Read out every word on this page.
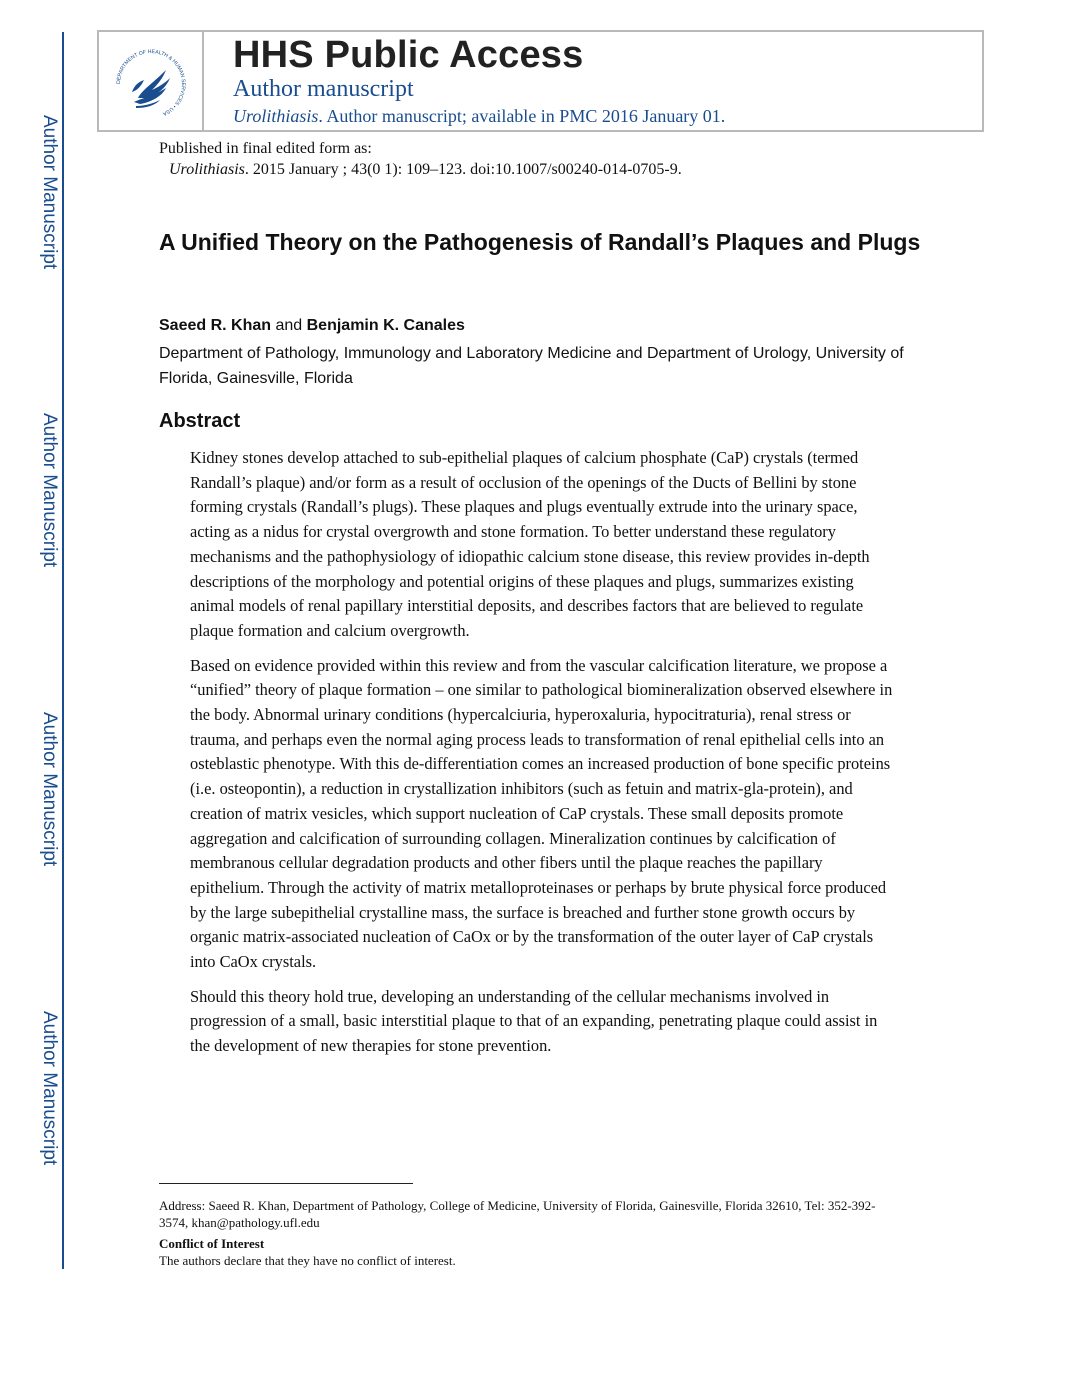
Author Manuscript
Author Manuscript
Author Manuscript
Author Manuscript
DEPARTMENT OF HEALTH & HUMAN SERVICES • USA
HHS Public Access
Author manuscript
Urolithiasis. Author manuscript; available in PMC 2016 January 01.
Published in final edited form as:
Urolithiasis. 2015 January ; 43(0 1): 109–123. doi:10.1007/s00240-014-0705-9.
A Unified Theory on the Pathogenesis of Randall’s Plaques and Plugs
Saeed R. Khan and Benjamin K. Canales
Department of Pathology, Immunology and Laboratory Medicine and Department of Urology, University of Florida, Gainesville, Florida
Abstract

Kidney stones develop attached to sub-epithelial plaques of calcium phosphate (CaP) crystals (termed Randall’s plaque) and/or form as a result of occlusion of the openings of the Ducts of Bellini by stone forming crystals (Randall’s plugs). These plaques and plugs eventually extrude into the urinary space, acting as a nidus for crystal overgrowth and stone formation. To better understand these regulatory mechanisms and the pathophysiology of idiopathic calcium stone disease, this review provides in-depth descriptions of the morphology and potential origins of these plaques and plugs, summarizes existing animal models of renal papillary interstitial deposits, and describes factors that are believed to regulate plaque formation and calcium overgrowth.

Based on evidence provided within this review and from the vascular calcification literature, we propose a “unified” theory of plaque formation – one similar to pathological biomineralization observed elsewhere in the body. Abnormal urinary conditions (hypercalciuria, hyperoxaluria, hypocitraturia), renal stress or trauma, and perhaps even the normal aging process leads to transformation of renal epithelial cells into an osteblastic phenotype. With this de-differentiation comes an increased production of bone specific proteins (i.e. osteopontin), a reduction in crystallization inhibitors (such as fetuin and matrix-gla-protein), and creation of matrix vesicles, which support nucleation of CaP crystals. These small deposits promote aggregation and calcification of surrounding collagen. Mineralization continues by calcification of membranous cellular degradation products and other fibers until the plaque reaches the papillary epithelium. Through the activity of matrix metalloproteinases or perhaps by brute physical force produced by the large subepithelial crystalline mass, the surface is breached and further stone growth occurs by organic matrix-associated nucleation of CaOx or by the transformation of the outer layer of CaP crystals into CaOx crystals.

Should this theory hold true, developing an understanding of the cellular mechanisms involved in progression of a small, basic interstitial plaque to that of an expanding, penetrating plaque could assist in the development of new therapies for stone prevention.

Address: Saeed R. Khan, Department of Pathology, College of Medicine, University of Florida, Gainesville, Florida 32610, Tel: 352-392-3574, khan@pathology.ufl.edu
Conflict of Interest
The authors declare that they have no conflict of interest.
